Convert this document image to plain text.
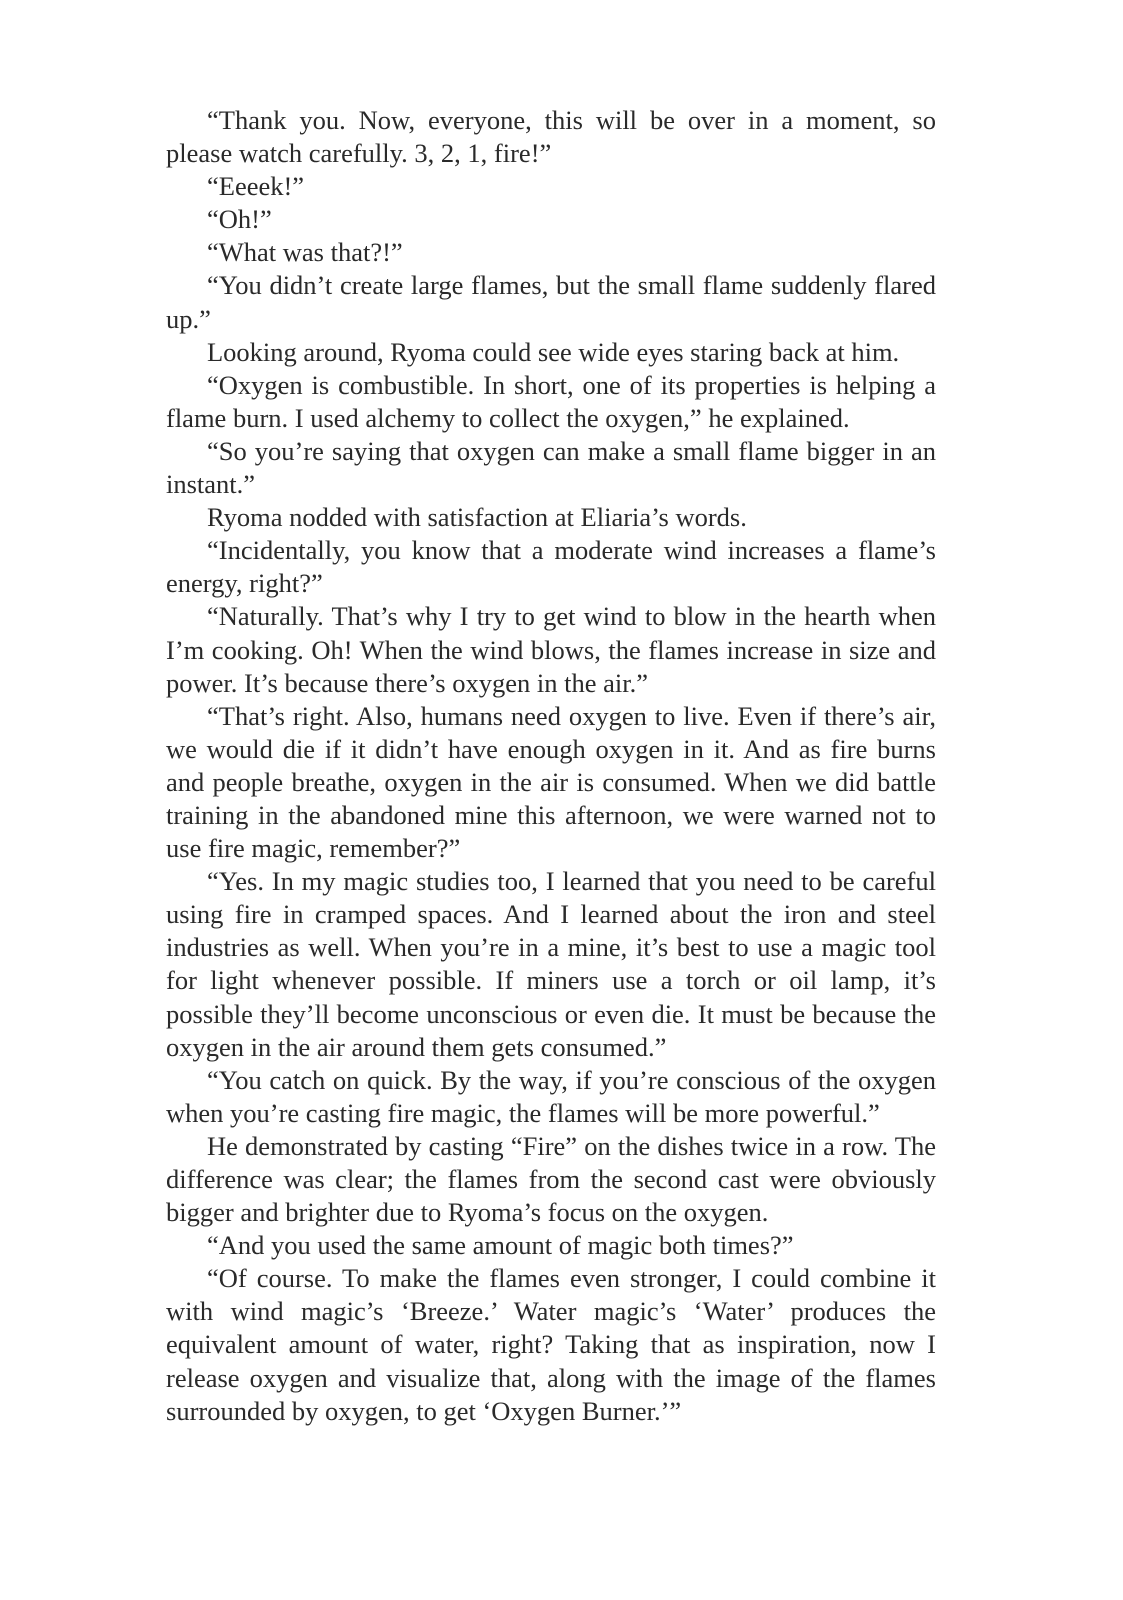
“Thank you. Now, everyone, this will be over in a moment, so please watch carefully. 3, 2, 1, fire!”

“Eeeek!”

“Oh!”

“What was that?!”

“You didn’t create large flames, but the small flame suddenly flared up.”

Looking around, Ryoma could see wide eyes staring back at him.

“Oxygen is combustible. In short, one of its properties is helping a flame burn. I used alchemy to collect the oxygen,” he explained.

“So you’re saying that oxygen can make a small flame bigger in an instant.”

Ryoma nodded with satisfaction at Eliaria’s words.

“Incidentally, you know that a moderate wind increases a flame’s energy, right?”

“Naturally. That’s why I try to get wind to blow in the hearth when I’m cooking. Oh! When the wind blows, the flames increase in size and power. It’s because there’s oxygen in the air.”

“That’s right. Also, humans need oxygen to live. Even if there’s air, we would die if it didn’t have enough oxygen in it. And as fire burns and people breathe, oxygen in the air is consumed. When we did battle training in the abandoned mine this afternoon, we were warned not to use fire magic, remember?”

“Yes. In my magic studies too, I learned that you need to be careful using fire in cramped spaces. And I learned about the iron and steel industries as well. When you’re in a mine, it’s best to use a magic tool for light whenever possible. If miners use a torch or oil lamp, it’s possible they’ll become unconscious or even die. It must be because the oxygen in the air around them gets consumed.”

“You catch on quick. By the way, if you’re conscious of the oxygen when you’re casting fire magic, the flames will be more powerful.”

He demonstrated by casting “Fire” on the dishes twice in a row. The difference was clear; the flames from the second cast were obviously bigger and brighter due to Ryoma’s focus on the oxygen.

“And you used the same amount of magic both times?”

“Of course. To make the flames even stronger, I could combine it with wind magic’s ‘Breeze.’ Water magic’s ‘Water’ produces the equivalent amount of water, right? Taking that as inspiration, now I release oxygen and visualize that, along with the image of the flames surrounded by oxygen, to get ‘Oxygen Burner.’”
